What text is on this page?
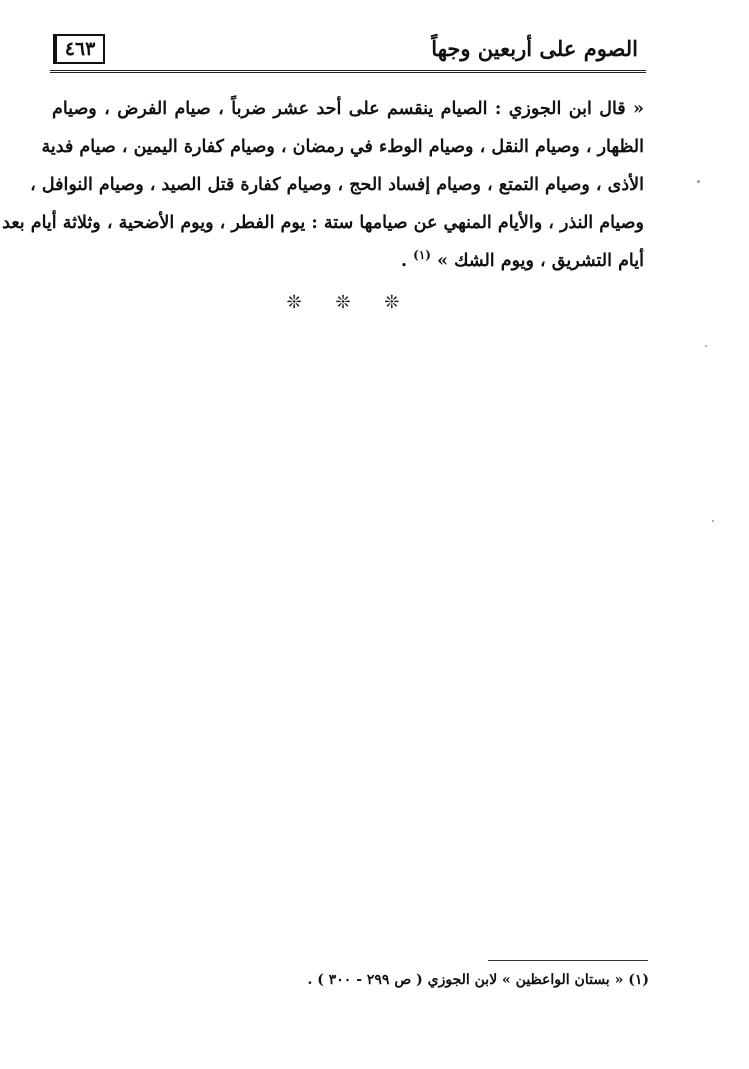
الصوم على أربعين وجهاً
٤٦٣
« قال ابن الجوزي : الصيام ينقسم على أحد عشر ضرباً ، صيام الفرض ، وصيام
الظهار ، وصيام النقل ، وصيام الوطء في رمضان ، وصيام كفارة اليمين ، صيام فدية
الأذى ، وصيام التمتع ، وصيام إفساد الحج ، وصيام كفارة قتل الصيد ، وصيام النوافل ،
وصيام النذر ، والأيام المنهي عن صيامها ستة : يوم الفطر ، ويوم الأضحية ، وثلاثة أيام بعد
أيام التشريق ، ويوم الشك » $^{(١)}$ .
❊ ❊ ❊
(١) « بستان الواعظين » لابن الجوزي ( ص ٢٩٩ - ٣٠٠ ) .
